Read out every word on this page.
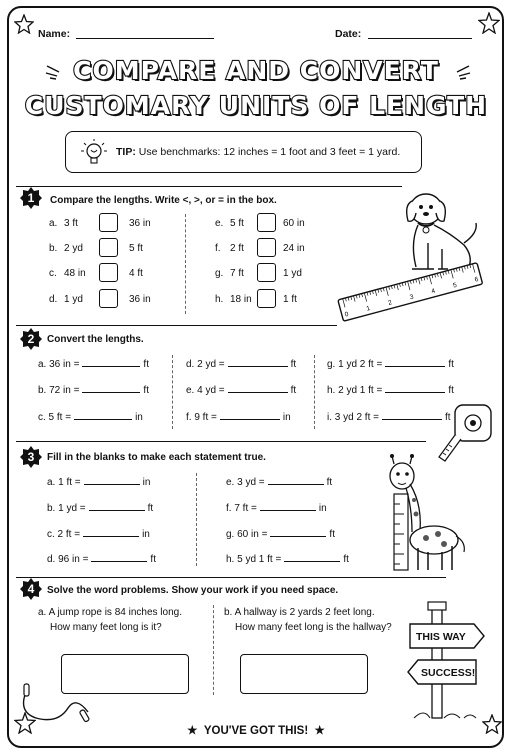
Name:	Date:
COMPARE AND CONVERT
CUSTOMARY UNITS OF LENGTH
TIP: Use benchmarks: 12 inches = 1 foot and 3 feet = 1 yard.
1	Compare the lengths. Write <, >, or = in the box.
a. 3 ft	36 in
b. 2 yd	5 ft
c. 48 in	4 ft
d. 1 yd	36 in
e. 5 ft	60 in
f. 2 ft	24 in
g. 7 ft	1 yd
h. 18 in	1 ft
0
1
2
3
4
5
6
2	Convert the lengths.
a. 36 in =	ft
b. 72 in =	ft
c. 5 ft =	in
d. 2 yd =	ft
e. 4 yd =	ft
f. 9 ft =	in
g. 1 yd 2 ft =	ft
h. 2 yd 1 ft =	ft
i. 3 yd 2 ft =	ft
3	Fill in the blanks to make each statement true.
a. 1 ft =	in
b. 1 yd =	ft
c. 2 ft =	in
d. 96 in =	ft
e. 3 yd =	ft
f. 7 ft =	in
g. 60 in =	ft
h. 5 yd 1 ft =	ft
4	Solve the word problems. Show your work if you need space.
a. A jump rope is 84 inches long.
How many feet long is it?
b. A hallway is 2 yards 2 feet long.
How many feet long is the hallway?
THIS WAY
SUCCESS!
★ YOU'VE GOT THIS! ★
